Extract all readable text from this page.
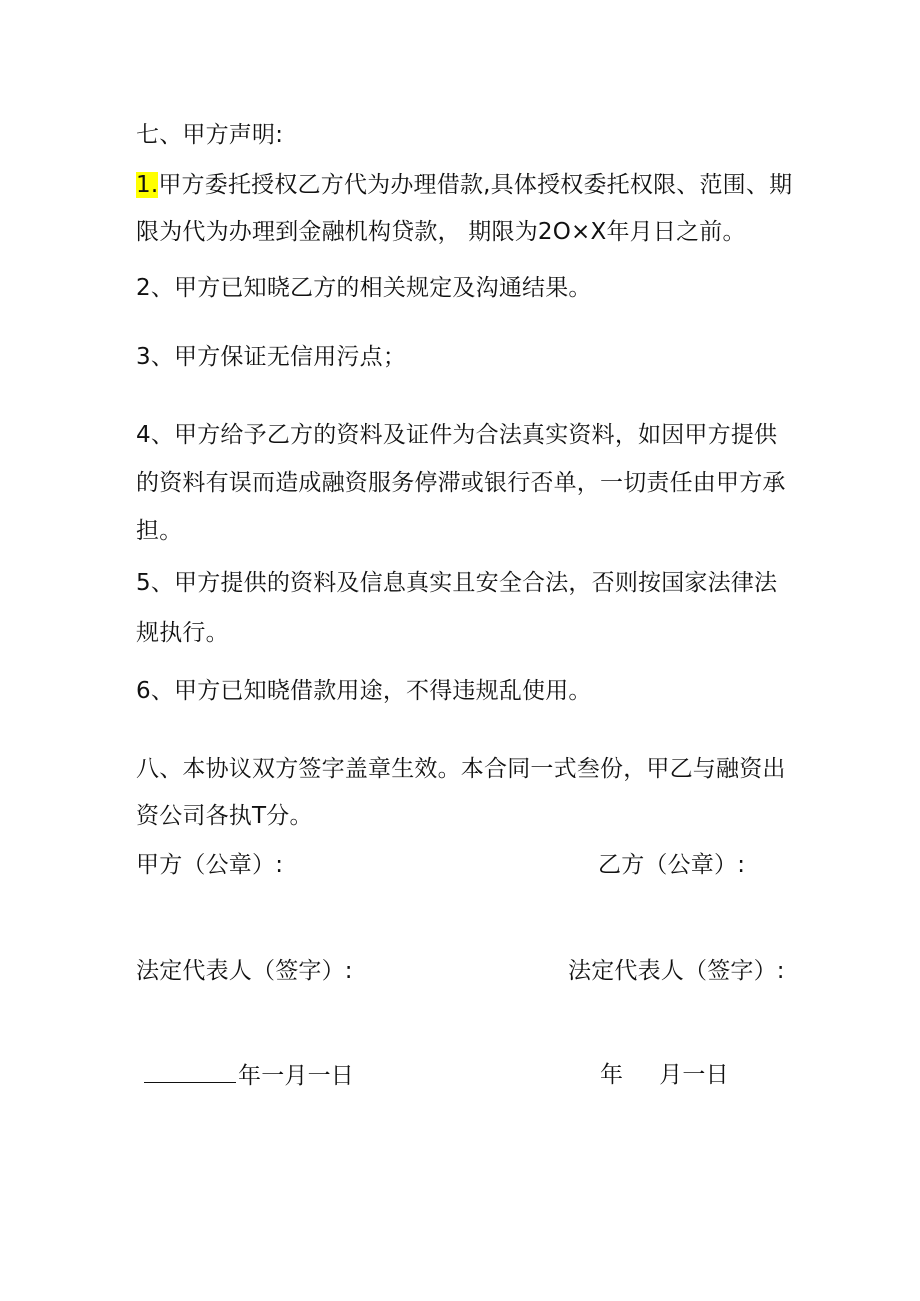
七、甲方声明:
1.甲方委托授权乙方代为办理借款,具体授权委托权限、范围、期
限为代为办理到金融机构贷款， 期限为2O×X年月日之前。
2、甲方已知晓乙方的相关规定及沟通结果。
3、甲方保证无信用污点；
4、甲方给予乙方的资料及证件为合法真实资料，如因甲方提供
的资料有误而造成融资服务停滞或银行否单，一切责任由甲方承
担。
5、甲方提供的资料及信息真实且安全合法，否则按国家法律法
规执行。
6、甲方已知晓借款用途，不得违规乱使用。
八、本协议双方签字盖章生效。本合同一式叁份，甲乙与融资出
资公司各执T分。
甲方（公章）:	乙方（公章）:
法定代表人（签字）:	法定代表人（签字）:
年一月一日	年 月一日
